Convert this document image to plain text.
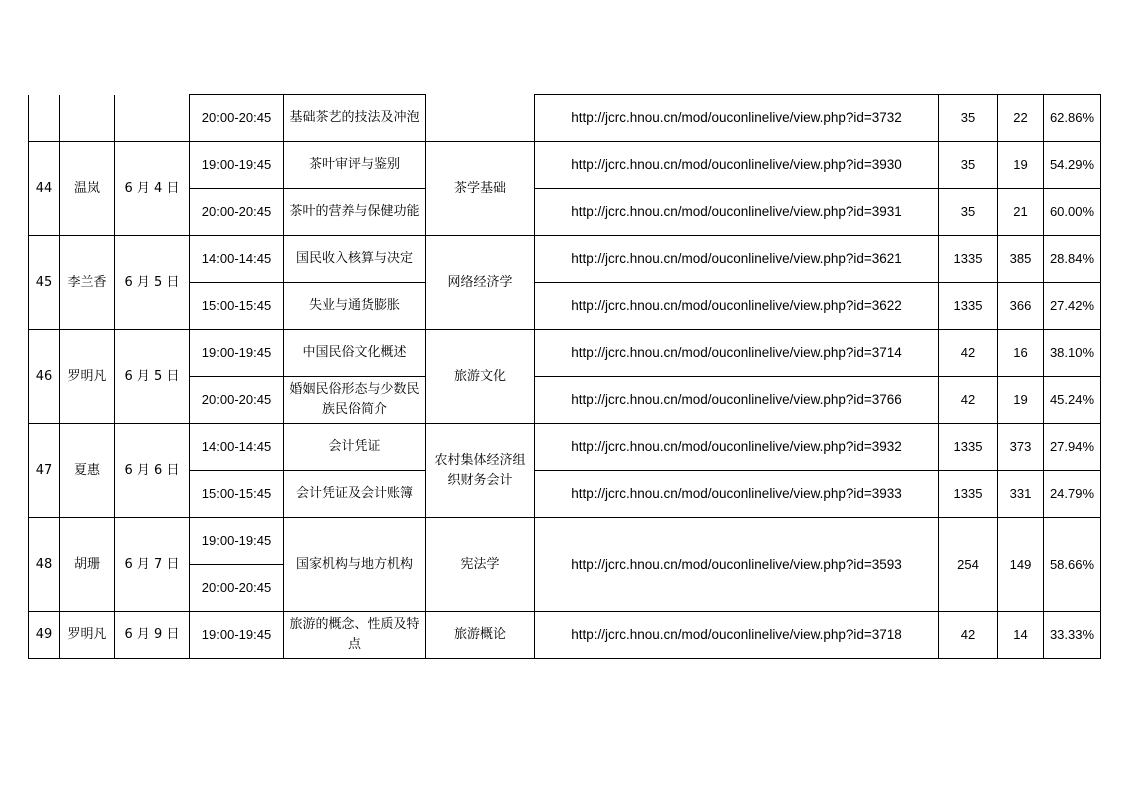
			20:00-20:45	基础茶艺的技法及冲泡		http://jcrc.hnou.cn/mod/ouconlinelive/view.php?id=3732	35	22	62.86%
44	温岚	6 月 4 日	19:00-19:45	茶叶审评与鉴别	茶学基础	http://jcrc.hnou.cn/mod/ouconlinelive/view.php?id=3930	35	19	54.29%
			20:00-20:45	茶叶的营养与保健功能		http://jcrc.hnou.cn/mod/ouconlinelive/view.php?id=3931	35	21	60.00%
45	李兰香	6 月 5 日	14:00-14:45	国民收入核算与决定	网络经济学	http://jcrc.hnou.cn/mod/ouconlinelive/view.php?id=3621	1335	385	28.84%
			15:00-15:45	失业与通货膨胀		http://jcrc.hnou.cn/mod/ouconlinelive/view.php?id=3622	1335	366	27.42%
46	罗明凡	6 月 5 日	19:00-19:45	中国民俗文化概述	旅游文化	http://jcrc.hnou.cn/mod/ouconlinelive/view.php?id=3714	42	16	38.10%
			20:00-20:45	婚姻民俗形态与少数民族民俗简介		http://jcrc.hnou.cn/mod/ouconlinelive/view.php?id=3766	42	19	45.24%
47	夏惠	6 月 6 日	14:00-14:45	会计凭证	农村集体经济组织财务会计	http://jcrc.hnou.cn/mod/ouconlinelive/view.php?id=3932	1335	373	27.94%
			15:00-15:45	会计凭证及会计账簿		http://jcrc.hnou.cn/mod/ouconlinelive/view.php?id=3933	1335	331	24.79%
48	胡珊	6 月 7 日	19:00-19:45	国家机构与地方机构	宪法学	http://jcrc.hnou.cn/mod/ouconlinelive/view.php?id=3593	254	149	58.66%
			20:00-20:45						
49	罗明凡	6 月 9 日	19:00-19:45	旅游的概念、性质及特点	旅游概论	http://jcrc.hnou.cn/mod/ouconlinelive/view.php?id=3718	42	14	33.33%
